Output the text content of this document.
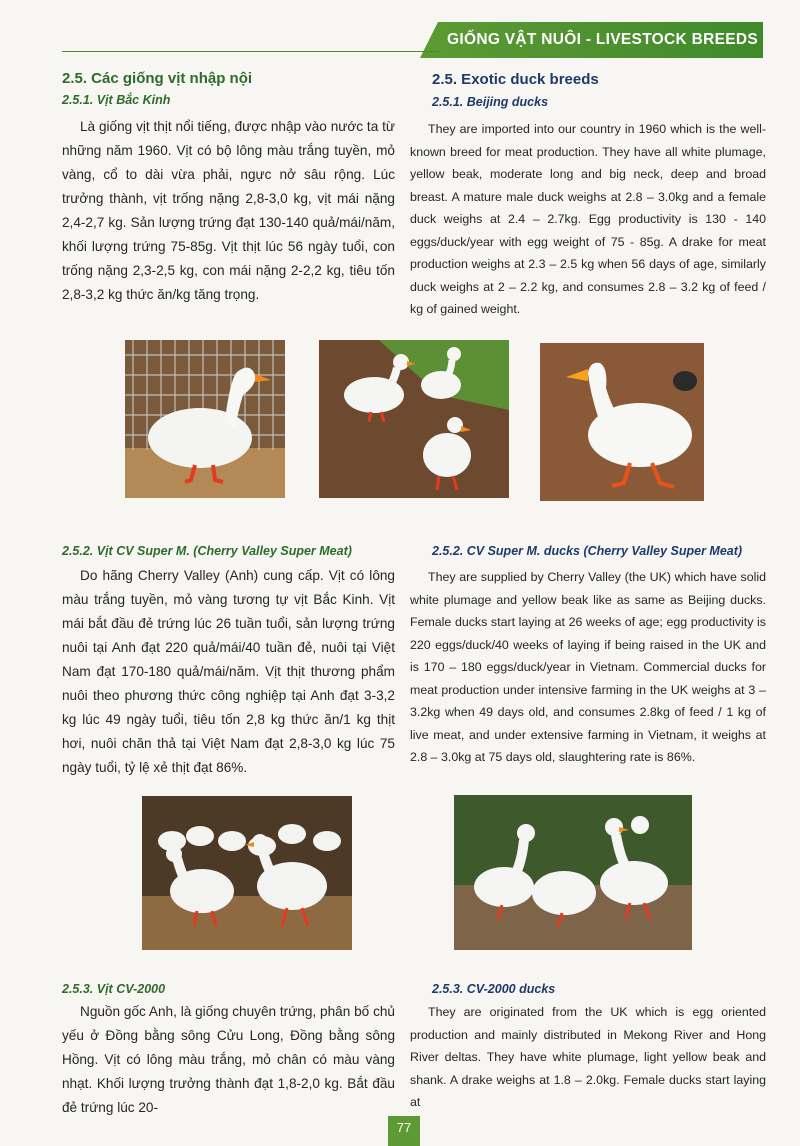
GIỐNG VẬT NUÔI - LIVESTOCK BREEDS
2.5. Các giống vịt nhập nội
2.5.1. Vịt Bắc Kinh
Là giống vịt thịt nổi tiếng, được nhập vào nước ta từ những năm 1960. Vịt có bộ lông màu trắng tuyền, mỏ vàng, cổ to dài vừa phải, ngực nở sâu rộng. Lúc trưởng thành, vịt trống nặng 2,8-3,0 kg, vịt mái nặng 2,4-2,7 kg. Sản lượng trứng đạt 130-140 quả/mái/năm, khối lượng trứng 75-85g. Vịt thịt lúc 56 ngày tuổi, con trống nặng 2,3-2,5 kg, con mái nặng 2-2,2 kg, tiêu tốn 2,8-3,2 kg thức ăn/kg tăng trọng.
2.5. Exotic duck breeds
2.5.1. Beijing ducks
They are imported into our country in 1960 which is the well-known breed for meat production. They have all white plumage, yellow beak, moderate long and big neck, deep and broad breast. A mature male duck weighs at 2.8 – 3.0kg and a female duck weighs at 2.4 – 2.7kg. Egg productivity is 130 - 140 eggs/duck/year with egg weight of 75 - 85g. A drake for meat production weighs at 2.3 – 2.5 kg when 56 days of age, similarly duck weighs at 2 – 2.2 kg, and consumes 2.8 – 3.2 kg of feed / kg of gained weight.
2.5.2. Vịt CV Super M. (Cherry Valley Super Meat)
Do hãng Cherry Valley (Anh) cung cấp. Vịt có lông màu trắng tuyền, mỏ vàng tương tự vịt Bắc Kinh. Vịt mái bắt đầu đẻ trứng lúc 26 tuần tuổi, sản lượng trứng nuôi tại Anh đạt 220 quả/mái/40 tuần đẻ, nuôi tại Việt Nam đạt 170-180 quả/mái/năm. Vịt thịt thương phẩm nuôi theo phương thức công nghiệp tại Anh đạt 3-3,2 kg lúc 49 ngày tuổi, tiêu tốn 2,8 kg thức ăn/1 kg thịt hơi, nuôi chăn thả tại Việt Nam đạt 2,8-3,0 kg lúc 75 ngày tuổi, tỷ lệ xẻ thịt đạt 86%.
2.5.2. CV Super M. ducks (Cherry Valley Super Meat)
They are supplied by Cherry Valley (the UK) which have solid white plumage and yellow beak like as same as Beijing ducks. Female ducks start laying at 26 weeks of age; egg productivity is 220 eggs/duck/40 weeks of laying if being raised in the UK and is 170 – 180 eggs/duck/year in Vietnam. Commercial ducks for meat production under intensive farming in the UK weighs at 3 – 3.2kg when 49 days old, and consumes 2.8kg of feed / 1 kg of live meat, and under extensive farming in Vietnam, it weighs at 2.8 – 3.0kg at 75 days old, slaughtering rate is 86%.
2.5.3. Vịt CV-2000
Nguồn gốc Anh, là giống chuyên trứng, phân bố chủ yếu ở Đồng bằng sông Cửu Long, Đồng bằng sông Hồng. Vịt có lông màu trắng, mỏ chân có màu vàng nhạt. Khối lượng trưởng thành đạt 1,8-2,0 kg. Bắt đầu đẻ trứng lúc 20-
2.5.3. CV-2000 ducks
They are originated from the UK which is egg oriented production and mainly distributed in Mekong River and Hong River deltas. They have white plumage, light yellow beak and shank. A drake weighs at 1.8 – 2.0kg. Female ducks start laying at
77
